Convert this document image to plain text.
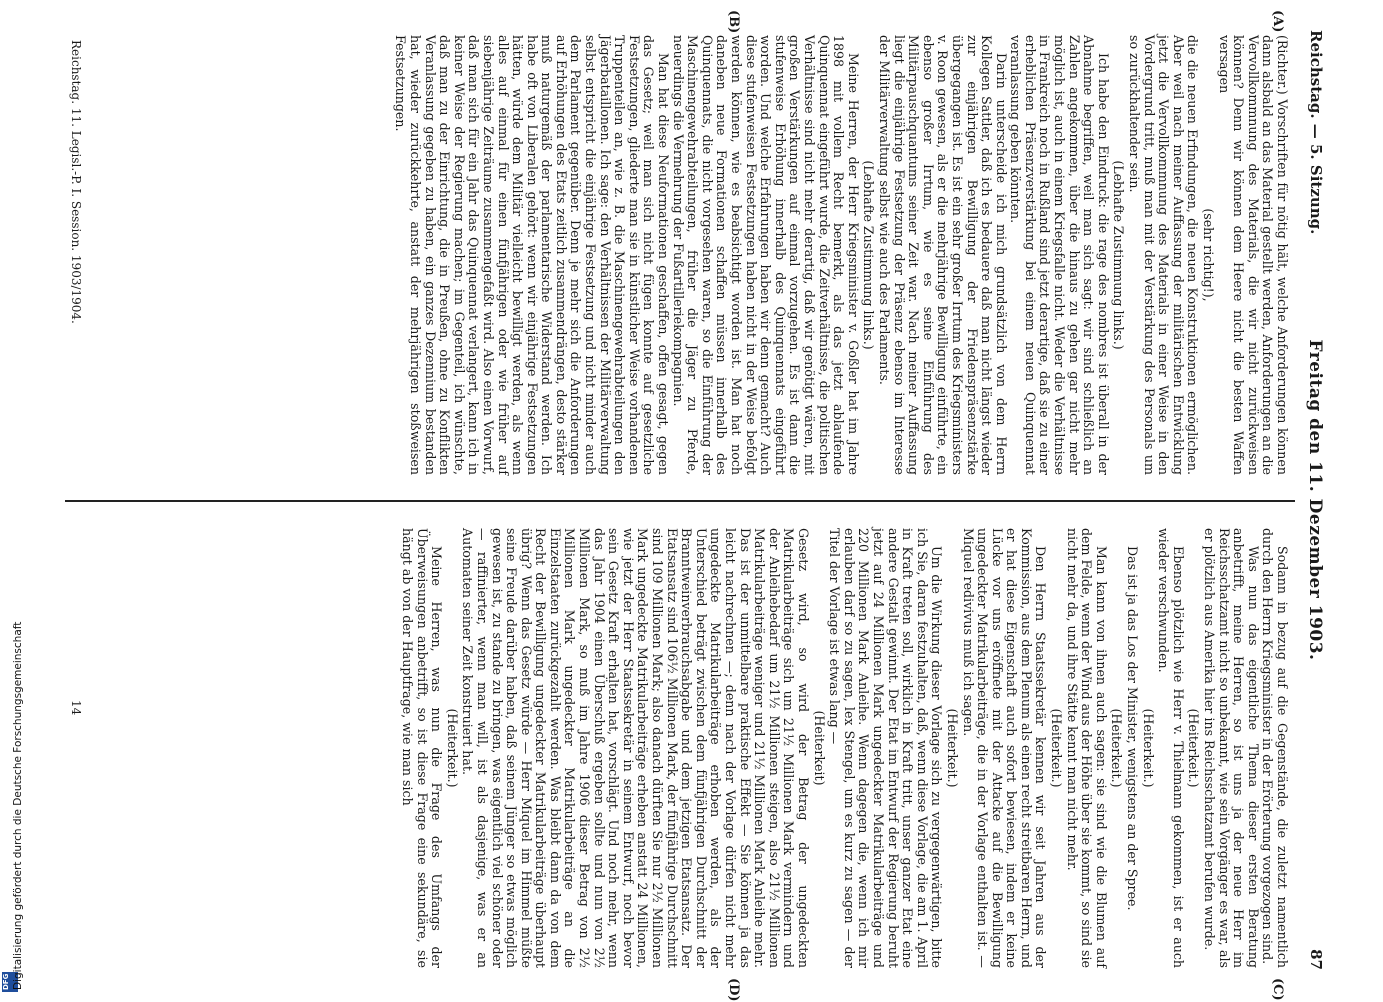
Reichstag. — 5. Sitzung.
Freitag den 11. Dezember 1903.
87
(A)
(B)
(C)
(D)

(Richter.) Vorschriften für nötig hält, welche Anforderungen können dann alsbald an das Material gestellt werden, Anforderungen an die Vervollkommnung des Materials, die wir nicht zurückweisen können? Denn wir können dem Heere nicht die besten Waffen versagen

(sehr richtig!),

die die neuen Erfindungen, die neuen Konstruktionen ermöglichen. Aber weil nach meiner Auffassung der militärischen Entwicklung jetzt die Vervollkommnung des Materials in einer Weise in den Vordergrund tritt, muß man mit der Verstärkung des Personals um so zurückhaltender sein.

(Lebhafte Zustimmung links.)

Ich habe den Eindruck: die rage des nombres ist überall in der Abnahme begriffen, weil man sich sagt: wir sind schließlich an Zahlen angekommen, über die hinaus zu gehen gar nicht mehr möglich ist, auch in einem Kriegsfalle nicht. Weder die Verhältnisse in Frankreich noch in Rußland sind jetzt derartige, daß sie zu einer erheblichen Präsenzverstärkung bei einem neuen Quinquennat veranlassung geben könnten.

Darin unterscheide ich mich grundsätzlich von dem Herrn Kollegen Sattler, daß ich es bedauere daß man nicht längst wieder zur einjährigen Bewilligung der Friedenspräsenzstärke übergegangen ist. Es ist ein sehr großer Irrtum des Kriegsministers v. Roon gewesen, als er die mehrjährige Bewilligung einführte, ein ebenso großer Irrtum, wie es seine Einführung des Militärpauschquantums seiner Zeit war. Nach meiner Auffassung liegt die einjährige Festsetzung der Präsenz ebenso im Interesse der Militärverwaltung selbst wie auch des Parlaments.

(Lebhafte Zustimmung links.)

Meine Herren, der Herr Kriegsminister v. Goßler hat im Jahre 1898 mit vollem Recht bemerkt, als das jetzt ablaufende Quinquennat eingeführt wurde, die Zeitverhältnisse, die politischen Verhältnisse sind nicht mehr derartig, daß wir genötigt wären, mit großen Verstärkungen auf einmal vorzugehen. Es ist dann die stufenweise Erhöhung innerhalb des Quinquennats eingeführt worden. Und welche Erfahrungen haben wir denn gemacht? Auch diese stufenweisen Festsetzungen haben nicht in der Weise befolgt werden können, wie es beabsichtigt worden ist. Man hat noch daneben neue Formationen schaffen müssen innerhalb des Quinquennats, die nicht vorgesehen waren, so die Einführung der Maschinengewehrabteilungen, früher die Jäger zu Pferde, neuerdings die Vermehrung der Fußartilleriekompagnien.

Man hat diese Neuformationen geschaffen, offen gesagt, gegen das Gesetz; weil man sich nicht fügen konnte auf gesetzliche Festsetzungen, gliederte man sie in künstlicher Weise vorhandenen Truppenteilen an, wie z. B. die Maschinengewehrabteilungen den Jägerbataillonen. Ich sage: den Verhältnissen der Militärverwaltung selbst entspricht die einjährige Festsetzung und nicht minder auch dem Parlament gegenüber. Denn je mehr sich die Anforderungen auf Erhöhungen des Etats zeitlich zusammendrängen, desto stärker muß naturgemäß der parlamentarische Widerstand werden. Ich habe oft von Liberalen gehört: wenn wir einjährige Festsetzungen hätten, würde dem Militär vielleicht bewilligt werden, als wenn alles auf einmal für einen fünfjährigen oder wie früher auf siebenjährige Zeiträume zusammengefaßt wird. Also einen Vorwurf, daß man sich für ein Jahr das Quinquennat verlangert, kann ich in keiner Weise der Regierung machen; im Gegenteil, ich wünschte, daß man zu der Einrichtung, die in Preußen, ohne zu Konflikten Veranlassung gegeben zu haben, ein ganzes Dezennium bestanden hat, wieder zurückkehrte, anstatt der mehrjährigen stoßweisen Festsetzungen.

Sodann in bezug auf die Gegenstände, die zuletzt namentlich durch den Herrn Kriegsminister in der Erörterung vorgezogen sind.

Was nun das eigentliche Thema dieser ersten Beratung anbetrifft, meine Herren, so ist uns ja der neue Herr im Reichsschatzamt nicht so unbekannt, wie sein Vorgänger es war, als er plötzlich aus Amerika hier ins Reichsschatzamt berufen wurde.

(Heiterkeit.)

Ebenso plötzlich wie Herr v. Thielmann gekommen, ist er auch wieder verschwunden.

(Heiterkeit.)

Das ist ja das Los der Minister, wenigstens an der Spree.

(Heiterkeit.)

Man kann von ihnen auch sagen: sie sind wie die Blumen auf dem Felde, wenn der Wind aus der Höhe über sie kommt, so sind sie nicht mehr da, und ihre Stätte kennt man nicht mehr.

(Heiterkeit.)

Den Herrn Staatssekretär kennen wir seit Jahren aus der Kommission, aus dem Plenum als einen recht streitbaren Herrn, und er hat diese Eigenschaft auch sofort bewiesen, indem er keine Lücke vor uns eröffnete mit der Attacke auf die Bewilligung ungedeckter Matrikularbeiträge, die in der Vorlage enthalten ist. — Miquel redivivus muß ich sagen.

(Heiterkeit.)

Um die Wirkung dieser Vorlage sich zu vergegenwärtigen, bitte ich Sie, daran festzuhalten, daß, wenn diese Vorlage, die am 1. April in Kraft treten soll, wirklich in Kraft tritt, unser ganzer Etat eine andere Gestalt gewinnt. Der Etat im Entwurf der Regierung beruht jetzt auf 24 Millionen Mark ungedeckter Matrikularbeiträge und 220 Millionen Mark Anleihe. Wenn dagegen die, wenn ich mir erlauben darf so zu sagen, lex Stengel, um es kurz zu sagen — der Titel der Vorlage ist etwas lang —

(Heiterkeit)

Gesetz wird, so wird der Betrag der ungedeckten Matrikularbeiträge sich um 21½ Millionen Mark vermindern und der Anleihebedarf um 21½ Millionen steigen, also 21½ Millionen Matrikularbeiträge weniger und 21½ Millionen Mark Anleihe mehr. Das ist der unmittelbare praktische Effekt — Sie können ja das leicht nachrechnen —; denn nach der Vorlage dürfen nicht mehr ungedeckte Matrikularbeiträge erhoben werden, als der Unterschied beträgt zwischen dem fünfjährigen Durchschnitt der Branntweinverbrauchsabgabe und dem jetzigen Etatsansatz. Der Etatsansatz sind 106½ Millionen Mark, der fünfjährige Durchschnitt sind 109 Millionen Mark; also danach dürften Sie nur 2½ Millionen Mark ungedeckte Matrikularbeiträge erheben anstatt 24 Millionen, wie jetzt der Herr Staatssekretär in seinem Entwurf, noch bevor sein Gesetz Kraft erhalten hat, vorschlägt. Und noch mehr, wenn das Jahr 1904 einen Überschuß ergeben sollte und nun von 2½ Millionen Mark, so muß im Jahre 1906 dieser Betrag von 2½ Millionen Mark ungedeckter Matrikularbeiträge an die Einzelstaaten zurückgezahlt werden. Was bleibt dann da von dem Recht der Bewilligung ungedeckter Matrikularbeiträge überhaupt übrig? Wenn das Gesetz würde — Herr Miquel im Himmel müßte seine Freude darüber haben, daß seinem Jünger so etwas möglich gewesen ist, zu stande zu bringen, was eigentlich viel schöner oder — raffinierter, wenn man will, ist als dasjenige, was er an Automaten seiner Zeit konstruiert hat.

(Heiterkeit.)

Meine Herren, was nun die Frage des Umfangs der Überweisungen anbetrifft, so ist diese Frage eine sekundäre, sie hängt ab von der Hauptfrage, wie man sich

Reichstag. 11. Legisl.-P. I. Session. 1903/1904.
14
DFG Digitalisierung gefördert durch die Deutsche Forschungsgemeinschaft
